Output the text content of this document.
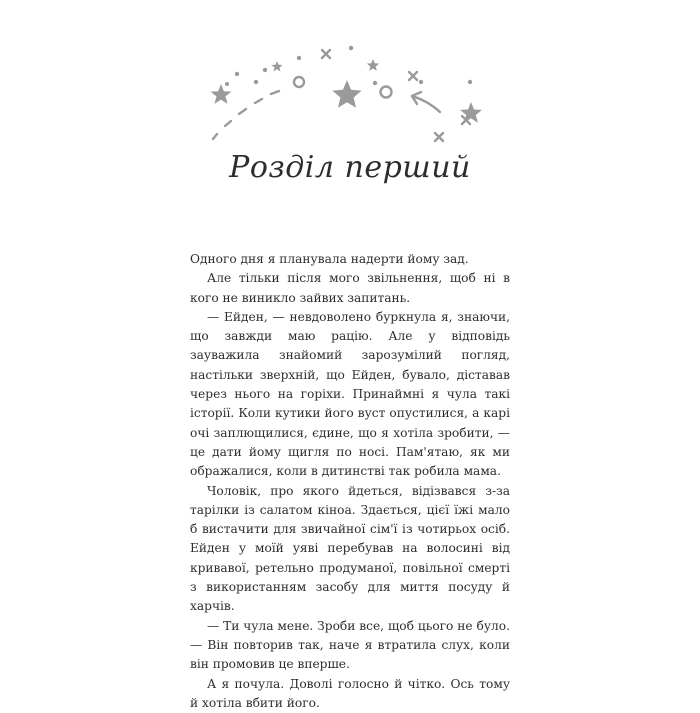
Розділ перший

Одного дня я планувала надерти йому зад.

Але тільки після мого звільнення, щоб ні в кого не виникло зайвих запитань.

— Ейден, — невдоволено буркнула я, знаючи, що завжди маю рацію. Але у відповідь зауважила знайомий зарозумілий погляд, настільки зверхній, що Ейден, бувало, діставав через нього на горіхи. Принаймні я чула такі історії. Коли кутики його вуст опустилися, а карі очі заплющилися, єдине, що я хотіла зробити, — це дати йому щигля по носі. Пам'ятаю, як ми ображалися, коли в дитинстві так робила мама.

Чоловік, про якого йдеться, відізвався з-за тарілки із салатом кіноа. Здається, цієї їжі мало б вистачити для звичайної сім'ї із чотирьох осіб. Ейден у моїй уяві перебував на волосині від кривавої, ретельно продуманої, повільної смерті з використанням засобу для миття посуду й харчів.

— Ти чула мене. Зроби все, щоб цього не було. — Він повторив так, наче я втратила слух, коли він промовив це вперше.

А я почула. Доволі голосно й чітко. Ось тому й хотіла вбити його.
